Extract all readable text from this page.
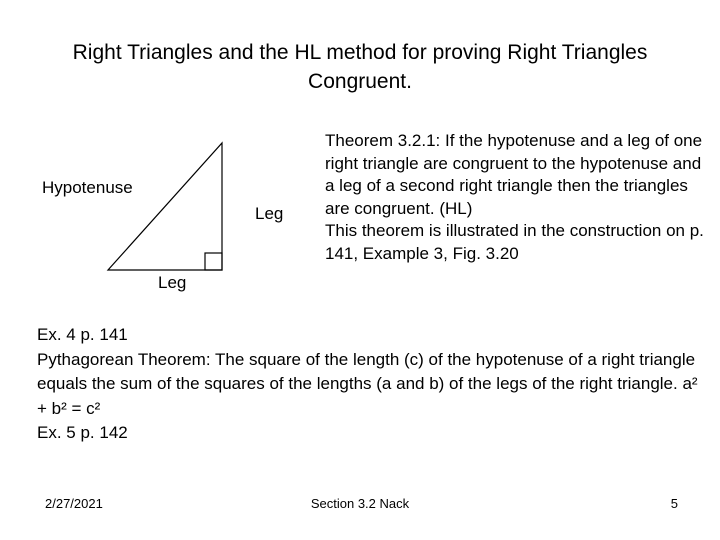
Right Triangles and the HL method for proving Right Triangles Congruent.
Hypotenuse
Leg
Leg

Theorem 3.2.1: If the hypotenuse and a leg of one right triangle are congruent to the hypotenuse and a leg of a second right triangle then the triangles are congruent. (HL)

This theorem is illustrated in the construction on p. 141, Example 3, Fig. 3.20

Ex. 4 p. 141

Pythagorean Theorem: The square of the length (c) of the hypotenuse of a right triangle equals the sum of the squares of the lengths (a and b) of the legs of the right triangle. a² + b² = c²

Ex. 5 p. 142

2/27/2021	Section 3.2 Nack	5
